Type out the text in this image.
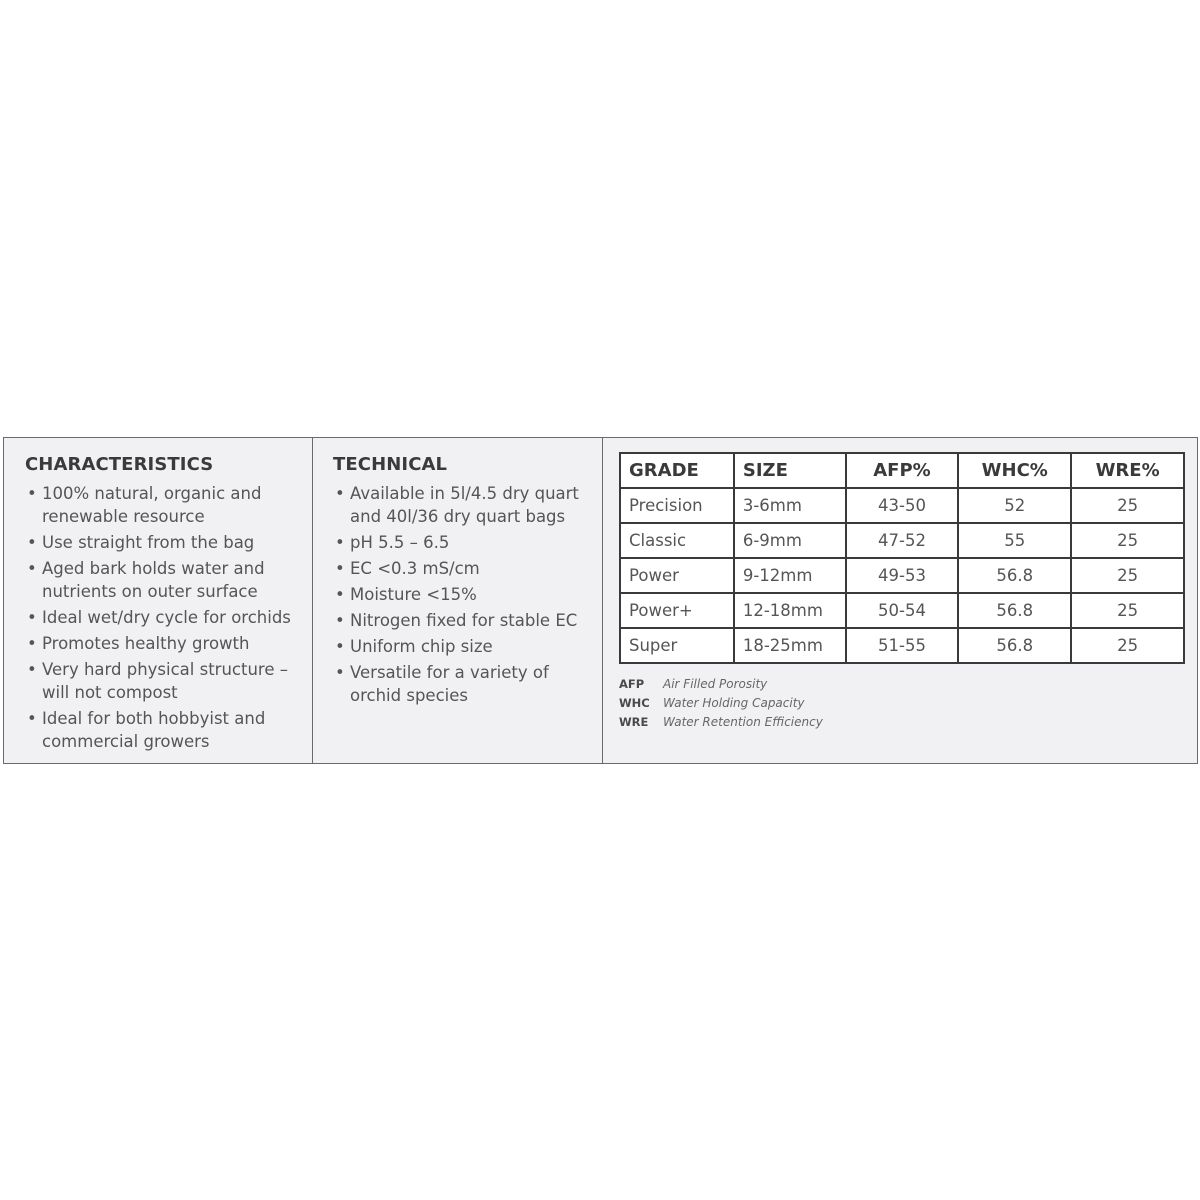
CHARACTERISTICS
• 100% natural, organic and renewable resource
• Use straight from the bag
• Aged bark holds water and nutrients on outer surface
• Ideal wet/dry cycle for orchids
• Promotes healthy growth
• Very hard physical structure – will not compost
• Ideal for both hobbyist and commercial growers
TECHNICAL
• Available in 5l/4.5 dry quart and 40l/36 dry quart bags
• pH 5.5 – 6.5
• EC <0.3 mS/cm
• Moisture <15%
• Nitrogen fixed for stable EC
• Uniform chip size
• Versatile for a variety of orchid species
GRADE	SIZE	AFP%	WHC%	WRE%
Precision	3-6mm	43-50	52	25
Classic	6-9mm	47-52	55	25
Power	9-12mm	49-53	56.8	25
Power+	12-18mm	50-54	56.8	25
Super	18-25mm	51-55	56.8	25
AFP	Air Filled Porosity
WHC	Water Holding Capacity
WRE	Water Retention Efficiency
